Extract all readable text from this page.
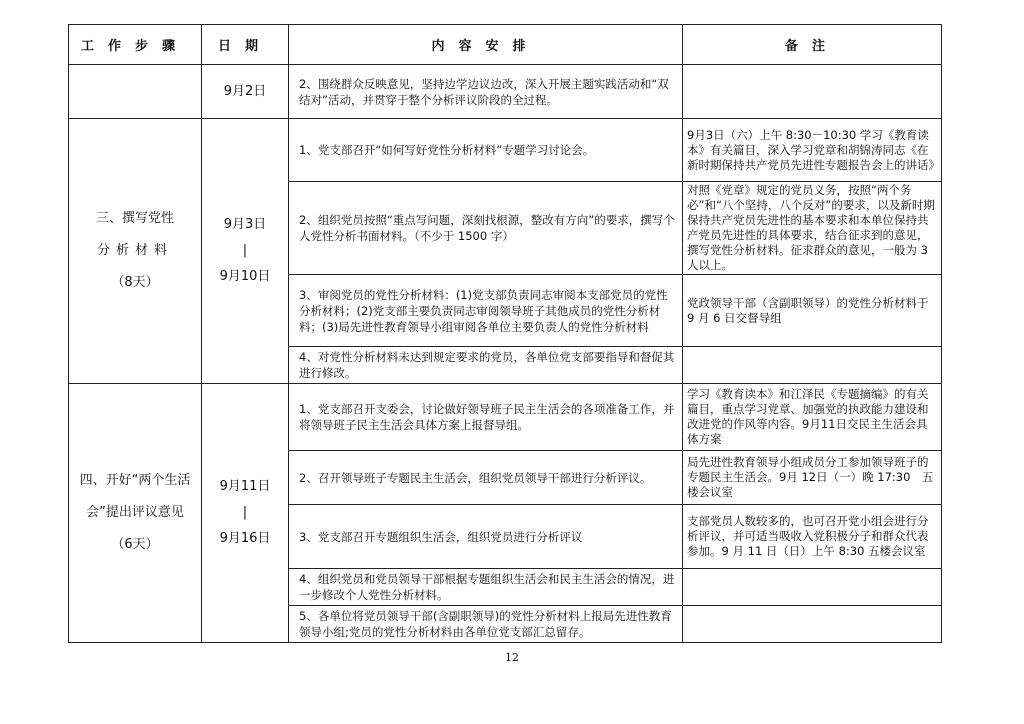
工作步骤	日期	内容安排	备注
	9月2日	2、围绕群众反映意见，坚持边学边议边改，深入开展主题实践活动和“双结对”活动，并贯穿于整个分析评议阶段的全过程。	

三、撰写党性
分析材料
（8天）	9月3日
|
9月10日	1、党支部召开“如何写好党性分析材料”专题学习讨论会。	9月3日（六）上午 8:30－10:30 学习《教育读本》有关篇目，深入学习党章和胡锦涛同志《在新时期保持共产党员先进性专题报告会上的讲话》
		2、组织党员按照“重点写问题，深刻找根源，整改有方向”的要求，撰写个人党性分析书面材料。（不少于 1500 字）	对照《党章》规定的党员义务，按照“两个务必”和“八个坚持，八个反对”的要求，以及新时期保持共产党员先进性的基本要求和本单位保持共产党员先进性的具体要求，结合征求到的意见，撰写党性分析材料。征求群众的意见，一般为 3 人以上。
		3、审阅党员的党性分析材料：(1)党支部负责同志审阅本支部党员的党性分析材料；(2)党支部主要负责同志审阅领导班子其他成员的党性分析材料；(3)局先进性教育领导小组审阅各单位主要负责人的党性分析材料	党政领导干部（含副职领导）的党性分析材料于 9 月 6 日交督导组
		4、对党性分析材料未达到规定要求的党员，各单位党支部要指导和督促其进行修改。	

四、开好“两个生活
会”提出评议意见
（6天）	9月11日
|
9月16日	1、党支部召开支委会，讨论做好领导班子民主生活会的各项准备工作，并将领导班子民主生活会具体方案上报督导组。	学习《教育读本》和江泽民《专题摘编》的有关篇目，重点学习党章、加强党的执政能力建设和改进党的作风等内容。9月11日交民主生活会具体方案
		2、召开领导班子专题民主生活会，组织党员领导干部进行分析评议。	局先进性教育领导小组成员分工参加领导班子的专题民主生活会。9月 12日（一）晚 17:30　五楼会议室
		3、党支部召开专题组织生活会，组织党员进行分析评议	支部党员人数较多的，也可召开党小组会进行分析评议，并可适当吸收入党积极分子和群众代表参加。9 月 11 日（日）上午 8:30 五楼会议室
		4、组织党员和党员领导干部根据专题组织生活会和民主生活会的情况，进一步修改个人党性分析材料。	
		5、各单位将党员领导干部(含副职领导)的党性分析材料上报局先进性教育领导小组;党员的党性分析材料由各单位党支部汇总留存。	
12
